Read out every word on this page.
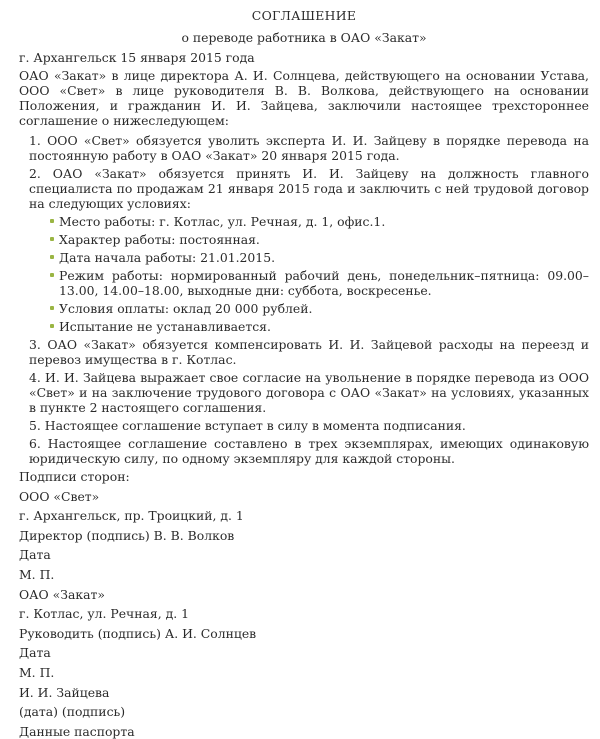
СОГЛАШЕНИЕ

о переводе работника в ОАО «Закат»

г. Архангельск 15 января 2015 года

ОАО «Закат» в лице директора А. И. Солнцева, действующего на основании Устава, ООО «Свет» в лице руководителя В. В. Волкова, действующего на основании Положения, и гражданин И. И. Зайцева, заключили настоящее трехстороннее соглашение о нижеследующем:

1. ООО «Свет» обязуется уволить эксперта И. И. Зайцеву в порядке перевода на постоянную работу в ОАО «Закат» 20 января 2015 года.

2. ОАО «Закат» обязуется принять И. И. Зайцеву на должность главного специалиста по продажам 21 января 2015 года и заключить с ней трудовой договор на следующих условиях:

Место работы: г. Котлас, ул. Речная, д. 1, офис.1.
Характер работы: постоянная.
Дата начала работы: 21.01.2015.
Режим работы: нормированный рабочий день, понедельник–пятница: 09.00–13.00, 14.00–18.00, выходные дни: суббота, воскресенье.
Условия оплаты: оклад 20 000 рублей.
Испытание не устанавливается.

3. ОАО «Закат» обязуется компенсировать И. И. Зайцевой расходы на переезд и перевоз имущества в г. Котлас.

4. И. И. Зайцева выражает свое согласие на увольнение в порядке перевода из ООО «Свет» и на заключение трудового договора с ОАО «Закат» на условиях, указанных в пункте 2 настоящего соглашения.

5. Настоящее соглашение вступает в силу в момента подписания.

6. Настоящее соглашение составлено в трех экземплярах, имеющих одинаковую юридическую силу, по одному экземпляру для каждой стороны.

Подписи сторон:

ООО «Свет»

г. Архангельск, пр. Троицкий, д. 1

Директор (подпись) В. В. Волков

Дата

М. П.

ОАО «Закат»

г. Котлас, ул. Речная, д. 1

Руководить (подпись) А. И. Солнцев

Дата

М. П.

И. И. Зайцева

(дата) (подпись)

Данные паспорта
